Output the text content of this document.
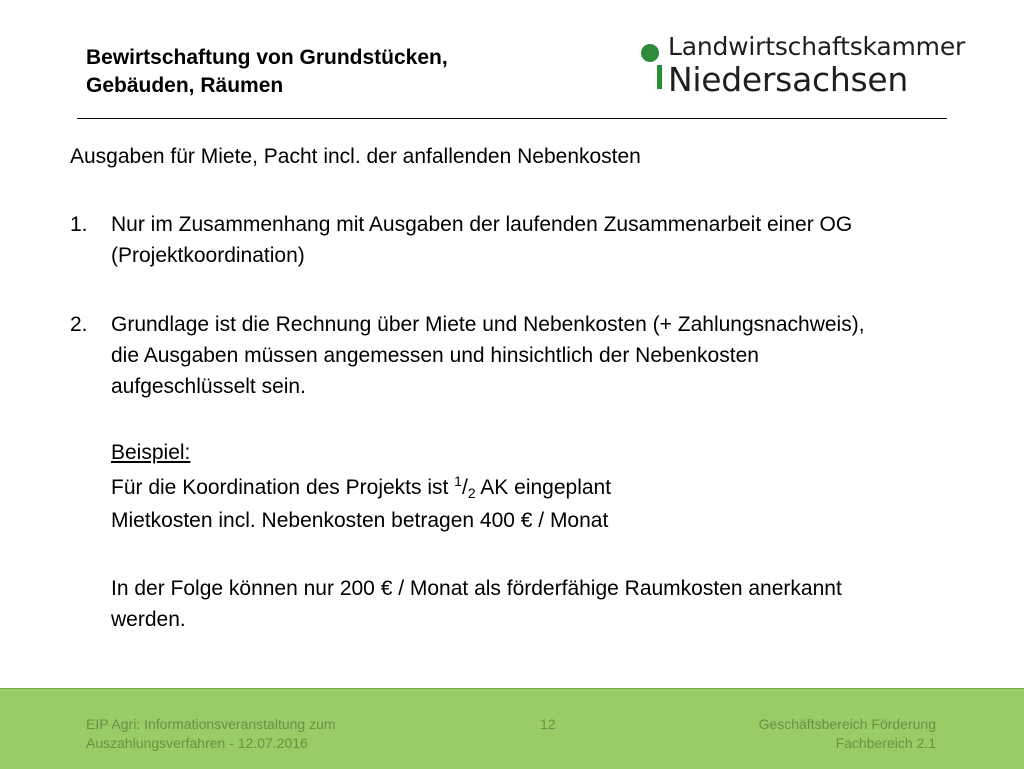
Bewirtschaftung von Grundstücken,
Gebäuden, Räumen
Landwirtschaftskammer
Niedersachsen
Ausgaben für Miete, Pacht incl. der anfallenden Nebenkosten
1. Nur im Zusammenhang mit Ausgaben der laufenden Zusammenarbeit einer OG
(Projektkoordination)
2. Grundlage ist die Rechnung über Miete und Nebenkosten (+ Zahlungsnachweis),
die Ausgaben müssen angemessen und hinsichtlich der Nebenkosten
aufgeschlüsselt sein.
Beispiel:
Für die Koordination des Projekts ist $^1/_2$ AK eingeplant
Mietkosten incl. Nebenkosten betragen 400 € / Monat
In der Folge können nur 200 € / Monat als förderfähige Raumkosten anerkannt
werden.
EIP Agri: Informationsveranstaltung zum
Auszahlungsverfahren - 12.07.2016
12	Geschäftsbereich Förderung
Fachbereich 2.1
